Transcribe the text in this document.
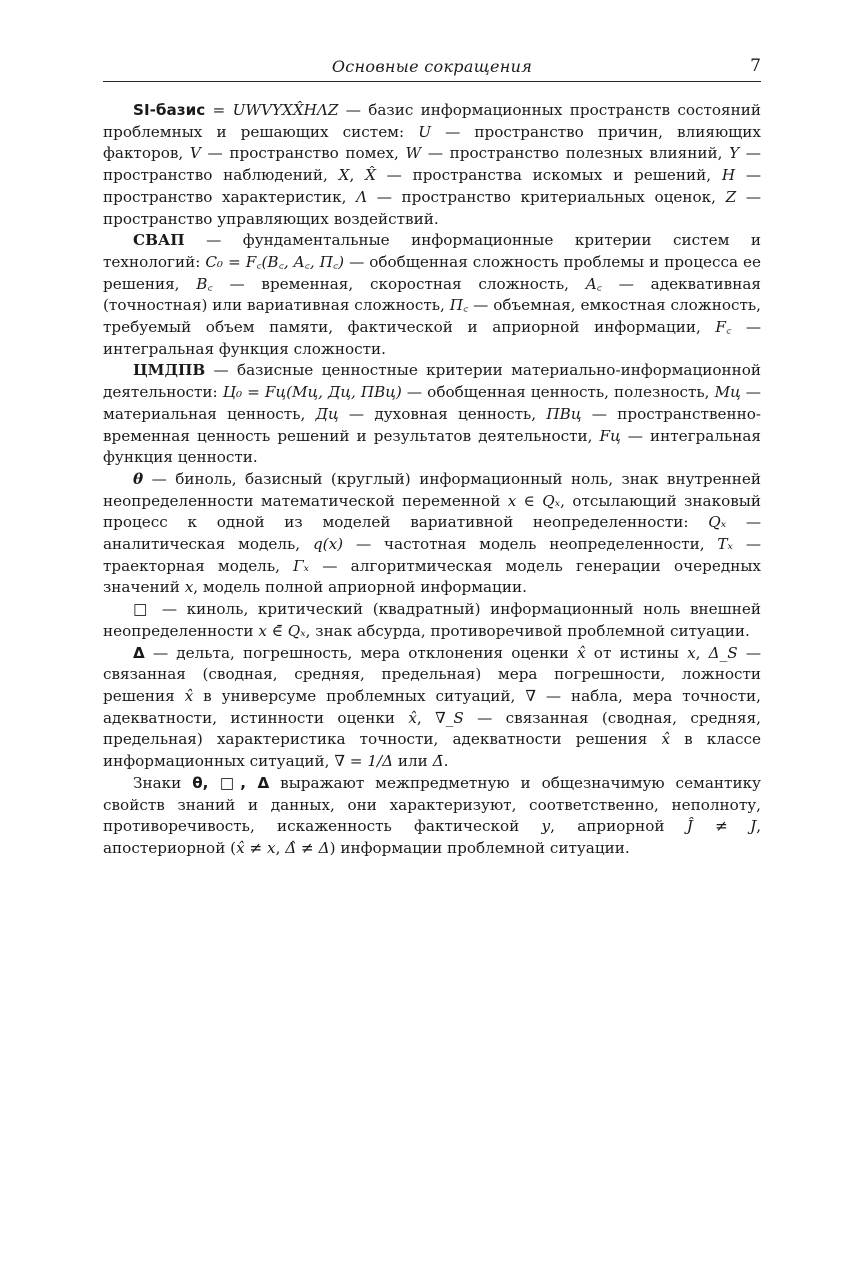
Основные сокращения	7

SI-базис = UWVYXX̂HΛZ — базис информационных пространств состояний проблемных и решающих систем: U — пространство причин, влияющих факторов, V — пространство помех, W — пространство полезных влияний, Y — пространство наблюдений, X, X̂ — пространства искомых и решений, H — пространство характеристик, Λ — пространство критериальных оценок, Z — пространство управляющих воздействий.

СВАП — фундаментальные информационные критерии систем и технологий: C₀ = F꜀(B꜀, A꜀, П꜀) — обобщенная сложность проблемы и процесса ее решения, B꜀ — временная, скоростная сложность, A꜀ — адеквативная (точностная) или вариативная сложность, П꜀ — объемная, емкостная сложность, требуемый объем памяти, фактической и априорной информации, F꜀ — интегральная функция сложности.

ЦМДПВ — базисные ценностные критерии материально-информационной деятельности: Ц₀ = Fц(Мц, Дц, ПВц) — обобщенная ценность, полезность, Мц — материальная ценность, Дц — духовная ценность, ПВц — пространственно-временная ценность решений и результатов деятельности, Fц — интегральная функция ценности.

θ — биноль, базисный (круглый) информационный ноль, знак внутренней неопределенности математической переменной x ∈ Qₓ, отсылающий знаковый процесс к одной из моделей вариативной неопределенности: Qₓ — аналитическая модель, q(x) — частотная модель неопределенности, Tₓ — траекторная модель, Γₓ — алгоритмическая модель генерации очередных значений x, модель полной априорной информации.

□ — киноль, критический (квадратный) информационный ноль внешней неопределенности x ∈̄ Qₓ, знак абсурда, противоречивой проблемной ситуации.

Δ — дельта, погрешность, мера отклонения оценки x̂ от истины x, Δ_S — связанная (сводная, средняя, предельная) мера погрешности, ложности решения x̂ в универсуме проблемных ситуаций, ∇ — набла, мера точности, адекватности, истинности оценки x̂, ∇_S — связанная (сводная, средняя, предельная) характеристика точности, адекватности решения x̂ в классе информационных ситуаций, ∇ = 1/Δ или Δ̄.

Знаки θ, □, Δ выражают межпредметную и общезначимую семантику свойств знаний и данных, они характеризуют, соответственно, неполноту, противоречивость, искаженность фактической y, априорной Ĵ ≠ J, апостериорной (x̂ ≠ x, Δ̂ ≠ Δ) информации проблемной ситуации.
